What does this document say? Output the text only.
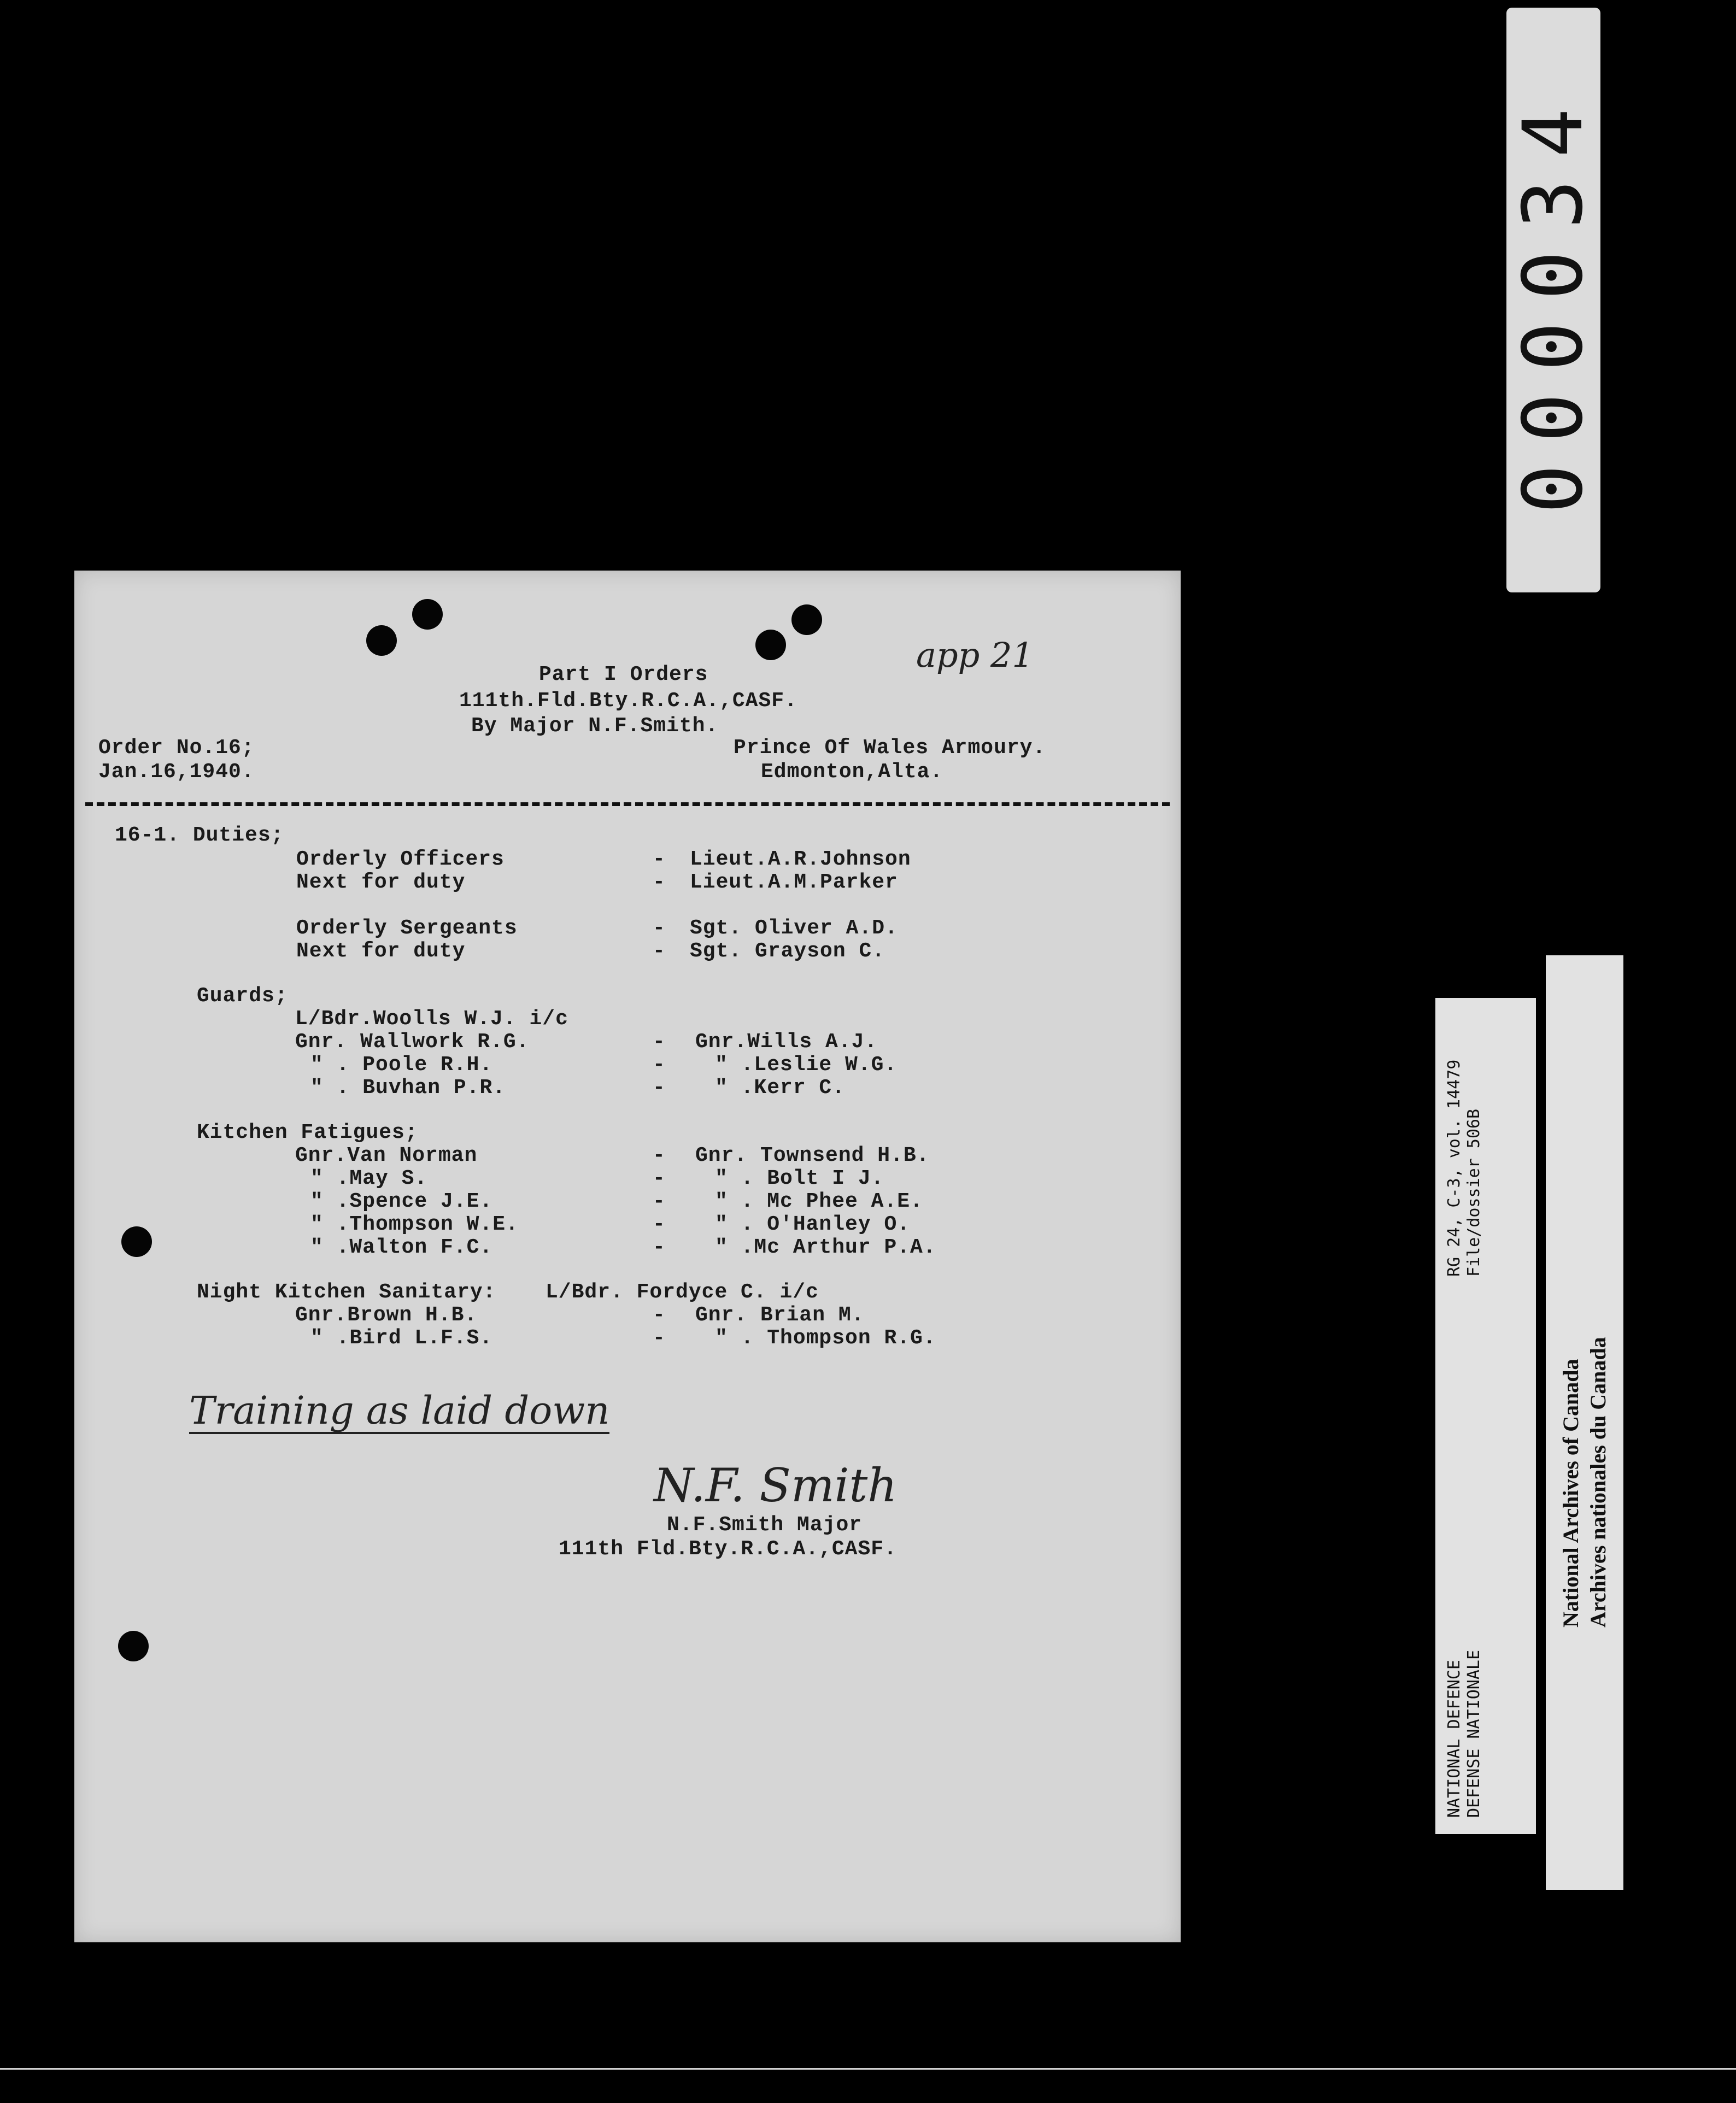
app 21
Part I Orders
111th.Fld.Bty.R.C.A.,CASF.
By Major N.F.Smith.
Order No.16;
Jan.16,1940.
Prince Of Wales Armoury.
Edmonton,Alta.
16-1. Duties;
Orderly Officers	- Lieut.A.R.Johnson
Next for duty	- Lieut.A.M.Parker
Orderly Sergeants	- Sgt. Oliver A.D.
Next for duty	- Sgt. Grayson C.
Guards;
L/Bdr.Woolls W.J. i/c
Gnr. Wallwork R.G.	- Gnr.Wills A.J.
" . Poole R.H.	- " .Leslie W.G.
" . Buvhan P.R.	- " .Kerr C.
Kitchen Fatigues;
Gnr.Van Norman	- Gnr. Townsend H.B.
" .May S.	- " . Bolt I J.
" .Spence J.E.	- " . Mc Phee A.E.
" .Thompson W.E.	- " . O'Hanley O.
" .Walton F.C.	- " .Mc Arthur P.A.
Night Kitchen Sanitary: L/Bdr. Fordyce C. i/c
Gnr.Brown H.B.	- Gnr. Brian M.
" .Bird L.F.S.	- " . Thompson R.G.
Training as laid down
N.F. Smith
N.F.Smith Major
111th Fld.Bty.R.C.A.,CASF.
000034

NATIONAL DEFENCE

DEFENSE NATIONALE

RG 24, C-3, vol. 14479

File/dossier 506B

National Archives of Canada

Archives nationales du Canada
